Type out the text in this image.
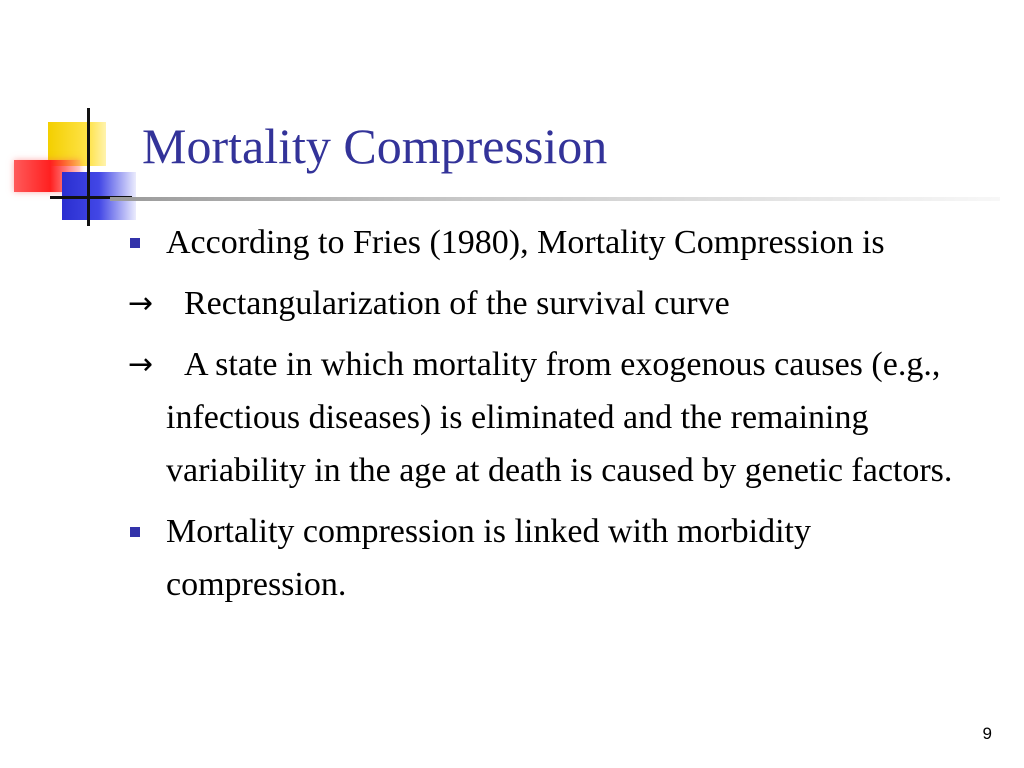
Mortality Compression
According to Fries (1980), Mortality Compression is
→ Rectangularization of the survival curve
→ A state in which mortality from exogenous causes (e.g., infectious diseases) is eliminated and the remaining variability in the age at death is caused by genetic factors.
Mortality compression is linked with morbidity compression.
9
